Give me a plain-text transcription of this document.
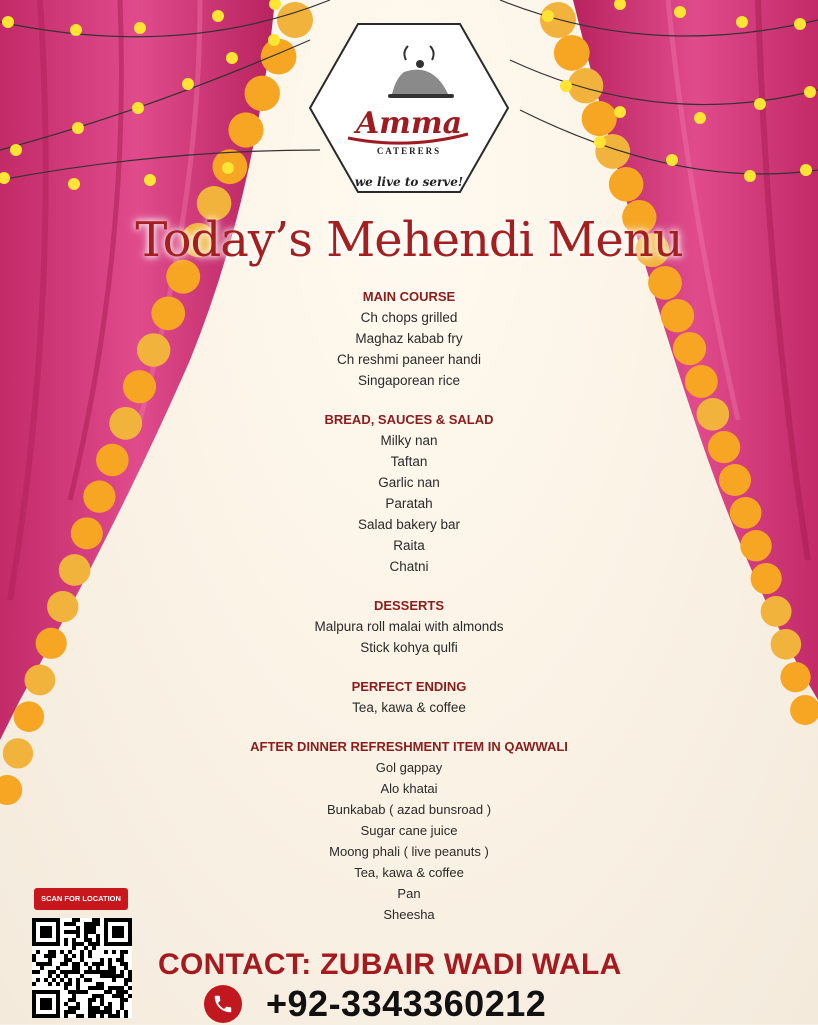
Amma
CATERERS
we live to serve!
Today’s Mehendi Menu
MAIN COURSE
Ch chops grilled
Maghaz kabab fry
Ch reshmi paneer handi
Singaporean rice
BREAD, SAUCES & SALAD
Milky nan
Taftan
Garlic nan
Paratah
Salad bakery bar
Raita
Chatni
DESSERTS
Malpura roll malai with almonds
Stick kohya qulfi
PERFECT ENDING
Tea, kawa & coffee
AFTER DINNER REFRESHMENT ITEM IN QAWWALI
Gol gappay
Alo khatai
Bunkabab ( azad bunsroad )
Sugar cane juice
Moong phali ( live peanuts )
Tea, kawa & coffee
Pan
Sheesha
SCAN FOR LOCATION
CONTACT: ZUBAIR WADI WALA
+92-3343360212
